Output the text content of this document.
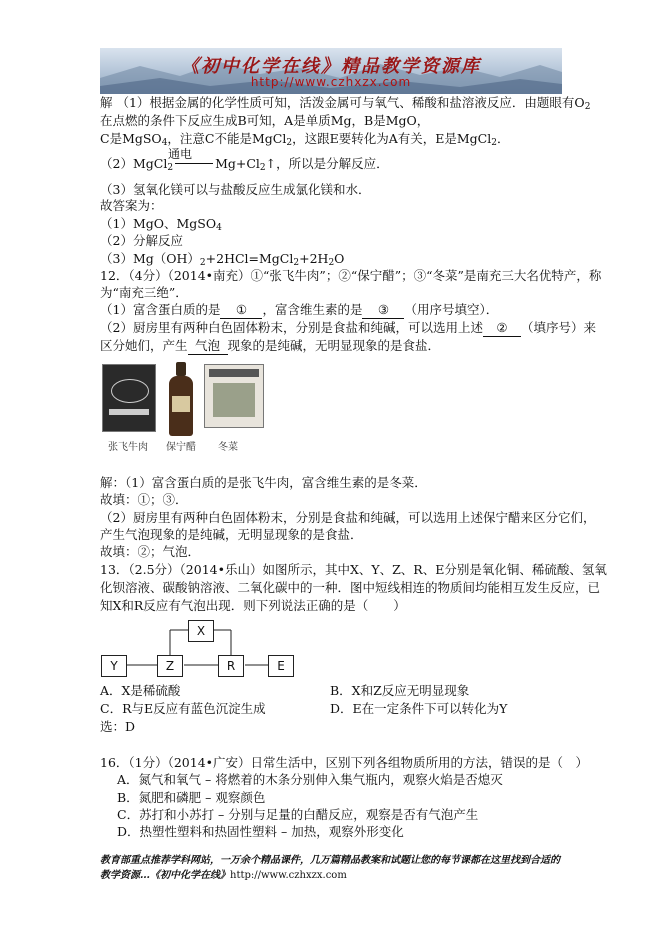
《初中化学在线》精品教学资源库
http://www.czhxzx.com
解 （1）根据金属的化学性质可知，活泼金属可与氧气、稀酸和盐溶液反应．由题眼有$O_2$
在点燃的条件下反应生成B可知，A是单质Mg，B是MgO，
C是MgSO$_4$，注意C不能是MgCl$_2$，这跟E要转化为A有关，E是MgCl$_2$．
通电
（2）MgCl$_2$	$Mg+Cl_2↑$，所以是分解反应．
（3）氢氧化镁可以与盐酸反应生成氯化镁和水．
故答案为：
（1）MgO、MgSO$_4$
（2）分解反应
$(3)Mg(OH)_2+2HCl=MgCl_2+2H_2O$
12．（4分）（2014•南充）①“张飞牛肉”；②“保宁醋”；③“冬菜”是南充三大名优特产，称
为“南充三绝”．
（1）富含蛋白质的是 ① ，富含维生素的是 ③ （用序号填空）．
（2）厨房里有两种白色固体粉末，分别是食盐和纯碱，可以选用上述 ② （填序号）来
区分她们，产生 气泡 现象的是纯碱，无明显现象的是食盐．
张飞牛肉 保宁醋 冬菜
解：（1）富含蛋白质的是张飞牛肉，富含维生素的是冬菜．
故填：①；③．
（2）厨房里有两种白色固体粉末，分别是食盐和纯碱，可以选用上述保宁醋来区分它们，
产生气泡现象的是纯碱，无明显现象的是食盐．
故填：②；气泡．
13．（2.5分）（2014•乐山）如图所示，其中X、Y、Z、R、E分别是氧化铜、稀硫酸、氢氧
化钡溶液、碳酸钠溶液、二氧化碳中的一种．图中短线相连的物质间均能相互发生反应，已
知X和R反应有气泡出现．则下列说法正确的是（　　）
X
Y	Z	R	E
A．X是稀硫酸	B．X和Z反应无明显现象
C．R与E反应有蓝色沉淀生成	D．E在一定条件下可以转化为Y
选：D
16．（1分）（2014•广安）日常生活中，区别下列各组物质所用的方法，错误的是（　）
A．氮气和氧气 – 将燃着的木条分别伸入集气瓶内，观察火焰是否熄灭
B．氮肥和磷肥 – 观察颜色
C．苏打和小苏打 – 分别与足量的白醋反应，观察是否有气泡产生
D．热塑性塑料和热固性塑料 – 加热，观察外形变化
教育部重点推荐学科网站，一万余个精品课件，几万篇精品教案和试题让您的每节课都在这里找到合适的
教学资源…《初中化学在线》http://www.czhxzx.com
